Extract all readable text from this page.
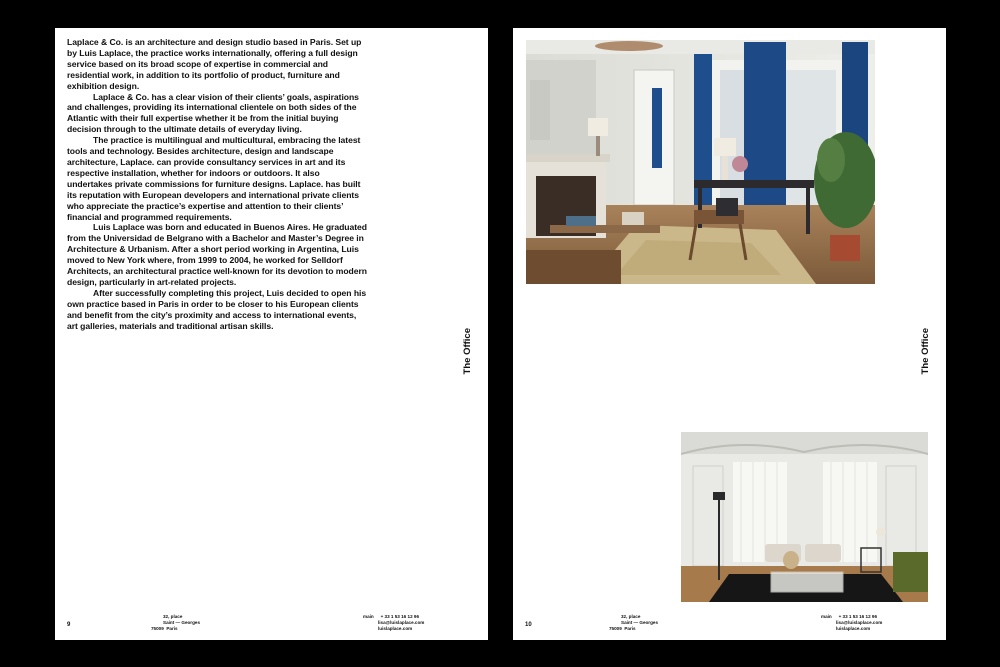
Laplace & Co. is an architecture and design studio based in Paris. Set up by Luis Laplace, the practice works internationally, offering a full design service based on its broad scope of expertise in commercial and residential work, in addition to its portfolio of product, furniture and exhibition design.

Laplace & Co. has a clear vision of their clients’ goals, aspirations and challenges, providing its international clientele on both sides of the Atlantic with their full expertise whether it be from the initial buying decision through to the ultimate details of everyday living.

The practice is multilingual and multicultural, embracing the latest tools and technology. Besides architecture, design and landscape architecture, Laplace. can provide consultancy services in art and its respective installation, whether for indoors or outdoors. It also undertakes private commissions for furniture designs. Laplace. has built its reputation with European developers and international private clients who appreciate the practice’s expertise and attention to their clients’ financial and programmed requirements.

Luis Laplace was born and educated in Buenos Aires. He graduated from the Universidad de Belgrano with a Bachelor and Master’s Degree in Architecture & Urbanism. After a short period working in Argentina, Luis moved to New York where, from 1999 to 2004, he worked for Selldorf Architects, an architectural practice well-known for its devotion to modern design, particularly in art-related projects.

After successfully completing this project, Luis decided to open his own practice based in Paris in order to be closer to his European clients and benefit from the city’s proximity and access to international events, art galleries, materials and traditional artisan skills.

The Office
9
32, place
Saint — Georges
75009 Paris
main
	+ 33 1 53 16 12 96
lisa@luislaplace.com
luislaplace.com
The Office
10
32, place
Saint — Georges
75009 Paris
main
	+ 33 1 53 16 12 96
lisa@luislaplace.com
luislaplace.com
